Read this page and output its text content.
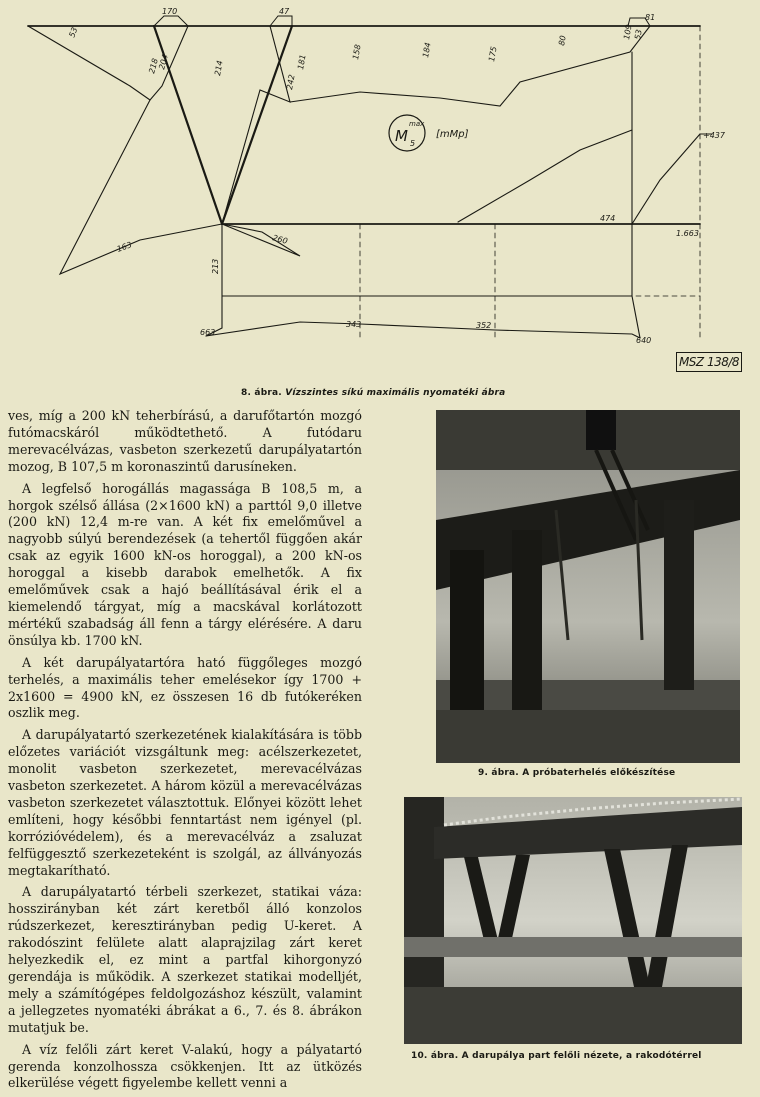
M
max
5
[mMp]
170	47
81
53
218
204	214
242
181
158	184	175
80
109 53
+437
163
260
474
1.663
213
663
343	352
640
MSZ 138/8
8. ábra. Vízszintes síkú maximális nyomatéki ábra

ves, míg a 200 kN teherbírású, a darufőtartón mozgó futómacskáról működtethető. A futódaru merevacélvázas, vasbeton szerkezetű darupályatartón mozog, B 107,5 m koronaszintű darusíneken.

A legfelső horogállás magassága B 108,5 m, a horgok szélső állása (2×1600 kN) a parttól 9,0 illetve (200 kN) 12,4 m-re van. A két fix emelőművel a nagyobb súlyú berendezések (a tehertől függően akár csak az egyik 1600 kN-os horoggal), a 200 kN-os horoggal a kisebb darabok emelhetők. A fix emelőművek csak a hajó beállításával érik el a kiemelendő tárgyat, míg a macskával korlátozott mértékű szabadság áll fenn a tárgy elérésére. A daru önsúlya kb. 1700 kN.

A két darupályatartóra ható függőleges mozgó terhelés, a maximális teher emelésekor így 1700 + 2x1600 = 4900 kN, ez összesen 16 db futókeréken oszlik meg.

A darupályatartó szerkezetének kialakítására is több előzetes variációt vizsgáltunk meg: acélszerkezetet, monolit vasbeton szerkezetet, merevacélvázas vasbeton szerkezetet. A három közül a merevacélvázas vasbeton szerkezetet választottuk. Előnyei között lehet említeni, hogy későbbi fenntartást nem igényel (pl. korrózióvédelem), és a merevacélváz a zsaluzat felfüggesztő szerkezeteként is szolgál, az állványozás megtakarítható.

A darupályatartó térbeli szerkezet, statikai váza: hosszirányban két zárt keretből álló konzolos rúdszerkezet, keresztirányban pedig U-keret. A rakodószint felülete alatt alaprajzilag zárt keret helyezkedik el, ez mint a partfal kihorgonyzó gerendája is működik. A szerkezet statikai modelljét, mely a számítógépes feldolgozáshoz készült, valamint a jellegzetes nyomatéki ábrákat a 6., 7. és 8. ábrákon mutatjuk be.

A víz felőli zárt keret V-alakú, hogy a pályatartó gerenda konzolhossza csökkenjen. Itt az ütközés elkerülése végett figyelembe kellett venni a

9. ábra. A próbaterhelés előkészítése
10. ábra. A darupálya part felőli nézete, a rakodótérrel
